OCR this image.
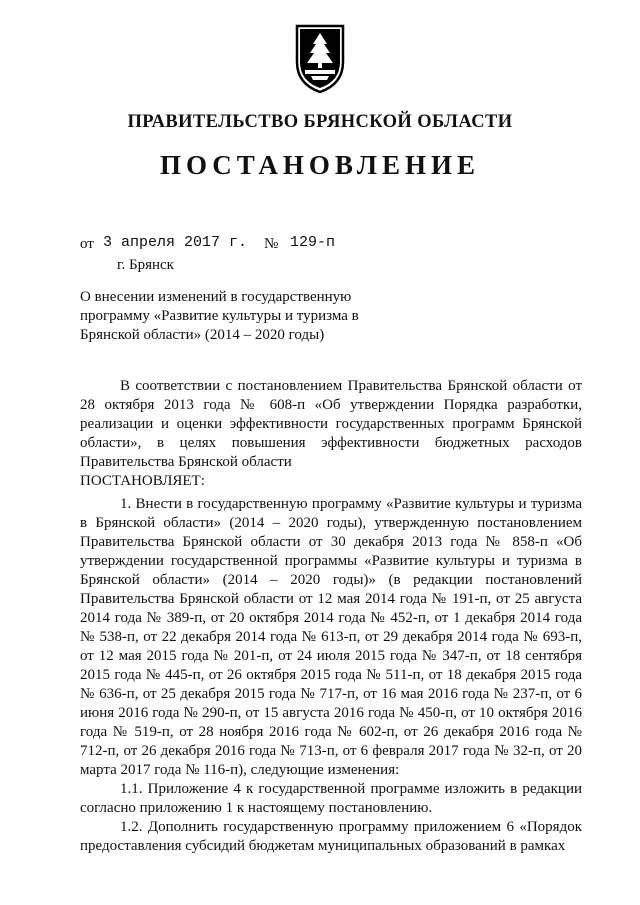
ПРАВИТЕЛЬСТВО БРЯНСКОЙ ОБЛАСТИ
ПОСТАНОВЛЕНИЕ
от 3 апреля 2017 г. № 129-п
г. Брянск
О внесении изменений в государственную программу «Развитие культуры и туризма в Брянской области» (2014 – 2020 годы)

В соответствии с постановлением Правительства Брянской области от 28 октября 2013 года № 608-п «Об утверждении Порядка разработки, реализации и оценки эффективности государственных программ Брянской области», в целях повышения эффективности бюджетных расходов Правительства Брянской области

ПОСТАНОВЛЯЕТ:

1. Внести в государственную программу «Развитие культуры и туризма в Брянской области» (2014 – 2020 годы), утвержденную постановлением Правительства Брянской области от 30 декабря 2013 года № 858-п «Об утверждении государственной программы «Развитие культуры и туризма в Брянской области» (2014 – 2020 годы)» (в редакции постановлений Правительства Брянской области от 12 мая 2014 года № 191-п, от 25 августа 2014 года № 389-п, от 20 октября 2014 года № 452-п, от 1 декабря 2014 года № 538-п, от 22 декабря 2014 года № 613-п, от 29 декабря 2014 года № 693-п, от 12 мая 2015 года № 201-п, от 24 июля 2015 года № 347-п, от 18 сентября 2015 года № 445-п, от 26 октября 2015 года № 511-п, от 18 декабря 2015 года № 636-п, от 25 декабря 2015 года № 717-п, от 16 мая 2016 года № 237-п, от 6 июня 2016 года № 290-п, от 15 августа 2016 года № 450-п, от 10 октября 2016 года № 519-п, от 28 ноября 2016 года № 602-п, от 26 декабря 2016 года № 712-п, от 26 декабря 2016 года № 713-п, от 6 февраля 2017 года № 32-п, от 20 марта 2017 года № 116-п), следующие изменения:

1.1. Приложение 4 к государственной программе изложить в редакции согласно приложению 1 к настоящему постановлению.

1.2. Дополнить государственную программу приложением 6 «Порядок предоставления субсидий бюджетам муниципальных образований в рамках
